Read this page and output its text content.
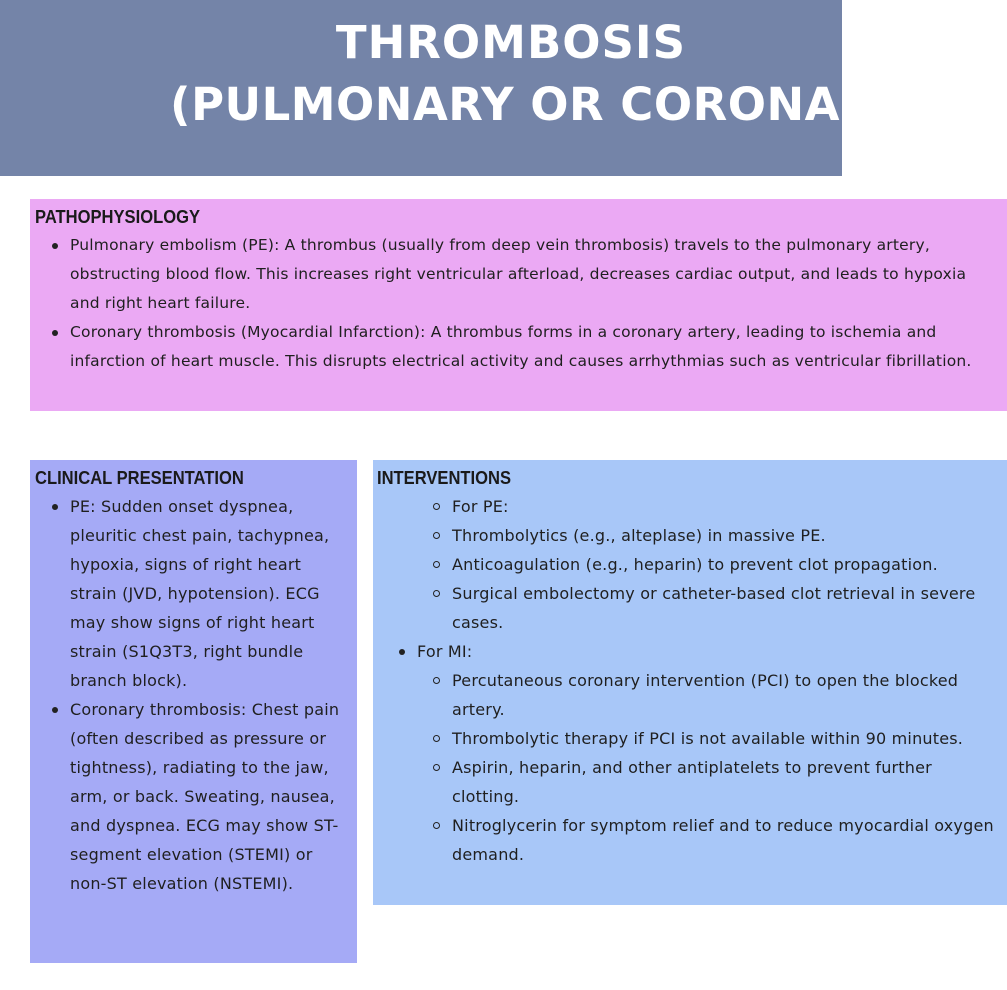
THROMBOSIS
(PULMONARY OR CORONARY
PATHOPHYSIOLOGY
Pulmonary embolism (PE): A thrombus (usually from deep vein thrombosis) travels to the pulmonary artery, obstructing blood flow. This increases right ventricular afterload, decreases cardiac output, and leads to hypoxia and right heart failure.
Coronary thrombosis (Myocardial Infarction): A thrombus forms in a coronary artery, leading to ischemia and infarction of heart muscle. This disrupts electrical activity and causes arrhythmias such as ventricular fibrillation.
CLINICAL PRESENTATION
PE: Sudden onset dyspnea, pleuritic chest pain, tachypnea, hypoxia, signs of right heart strain (JVD, hypotension). ECG may show signs of right heart strain (S1Q3T3, right bundle branch block).
Coronary thrombosis: Chest pain (often described as pressure or tightness), radiating to the jaw, arm, or back. Sweating, nausea, and dyspnea. ECG may show ST-segment elevation (STEMI) or non-ST elevation (NSTEMI).
INTERVENTIONS
For PE:
Thrombolytics (e.g., alteplase) in massive PE.
Anticoagulation (e.g., heparin) to prevent clot propagation.
Surgical embolectomy or catheter-based clot retrieval in severe cases.
For MI:
Percutaneous coronary intervention (PCI) to open the blocked artery.
Thrombolytic therapy if PCI is not available within 90 minutes.
Aspirin, heparin, and other antiplatelets to prevent further clotting.
Nitroglycerin for symptom relief and to reduce myocardial oxygen demand.
